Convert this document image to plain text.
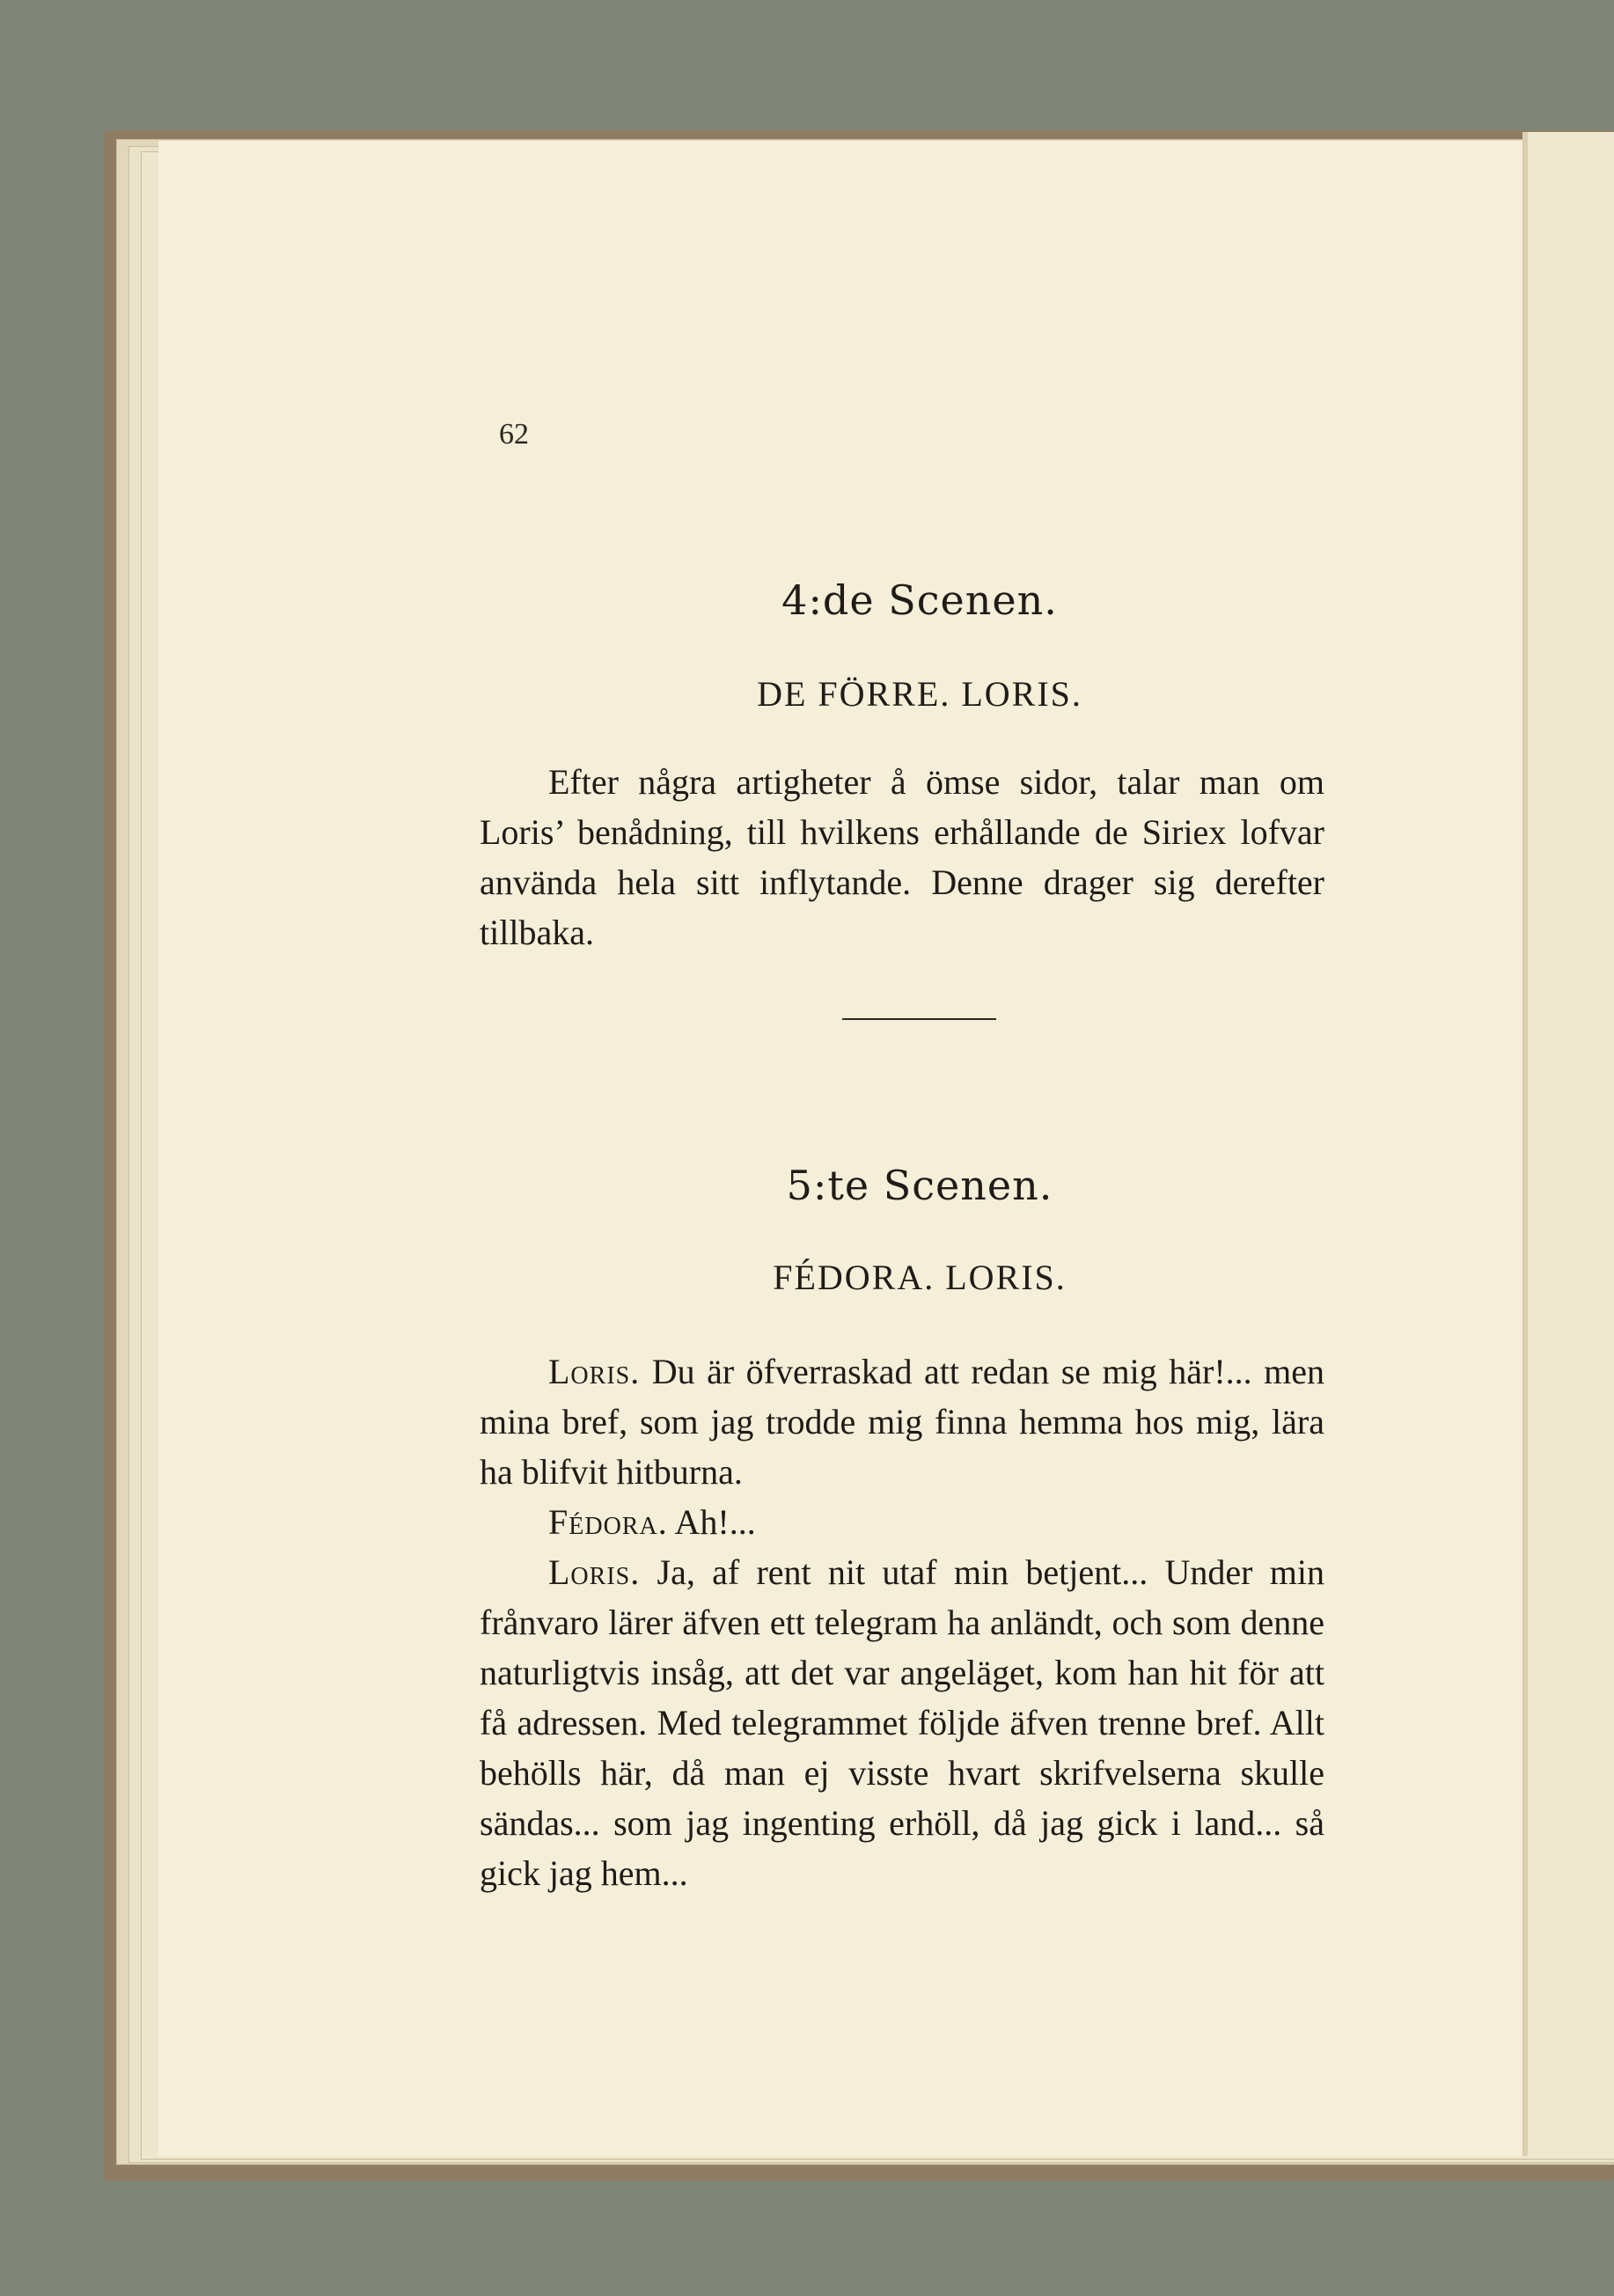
62
4:de Scenen.
DE FÖRRE. LORIS.
Efter några artigheter å ömse sidor, talar man om Loris’ benådning, till hvilkens erhållande de Siriex lofvar använda hela sitt inflytande. Denne drager sig derefter tillbaka.
5:te Scenen.
FÉDORA. LORIS.
Loris. Du är öfverraskad att redan se mig här!... men mina bref, som jag trodde mig finna hemma hos mig, lära ha blifvit hitburna.
Fédora. Ah!...
Loris. Ja, af rent nit utaf min betjent... Under min frånvaro lärer äfven ett telegram ha anländt, och som denne naturligtvis insåg, att det var angeläget, kom han hit för att få adressen. Med telegrammet följde äfven trenne bref. Allt behölls här, då man ej visste hvart skrifvelserna skulle sändas... som jag ingenting erhöll, då jag gick i land... så gick jag hem...
